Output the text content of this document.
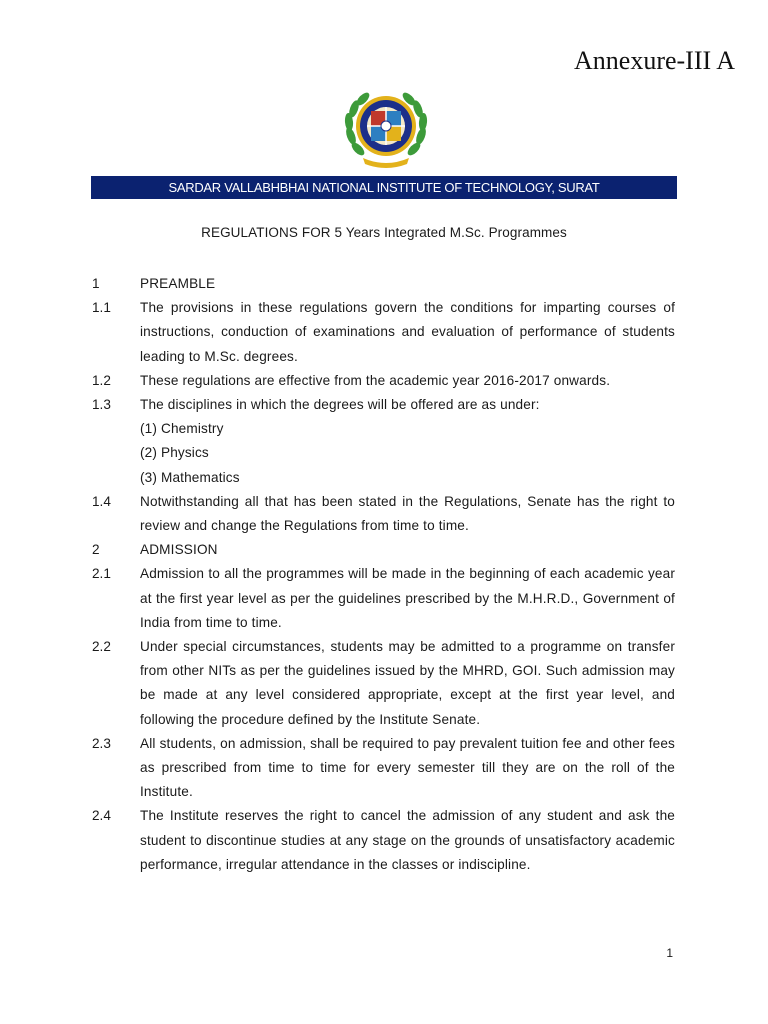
Annexure-III A
SARDAR VALLABHBHAI NATIONAL INSTITUTE OF TECHNOLOGY, SURAT
REGULATIONS FOR 5 Years Integrated M.Sc. Programmes
1	PREAMBLE
1.1	The provisions in these regulations govern the conditions for imparting courses of instructions, conduction of examinations and evaluation of performance of students leading to M.Sc. degrees.
1.2	These regulations are effective from the academic year 2016-2017 onwards.
1.3	The disciplines in which the degrees will be offered are as under:
(1) Chemistry
(2) Physics
(3) Mathematics
1.4	Notwithstanding all that has been stated in the Regulations, Senate has the right to review and change the Regulations from time to time.
2	ADMISSION
2.1	Admission to all the programmes will be made in the beginning of each academic year at the first year level as per the guidelines prescribed by the M.H.R.D., Government of India from time to time.
2.2	Under special circumstances, students may be admitted to a programme on transfer from other NITs as per the guidelines issued by the MHRD, GOI. Such admission may be made at any level considered appropriate, except at the first year level, and following the procedure defined by the Institute Senate.
2.3	All students, on admission, shall be required to pay prevalent tuition fee and other fees as prescribed from time to time for every semester till they are on the roll of the Institute.
2.4	The Institute reserves the right to cancel the admission of any student and ask the student to discontinue studies at any stage on the grounds of unsatisfactory academic performance, irregular attendance in the classes or indiscipline.
1
